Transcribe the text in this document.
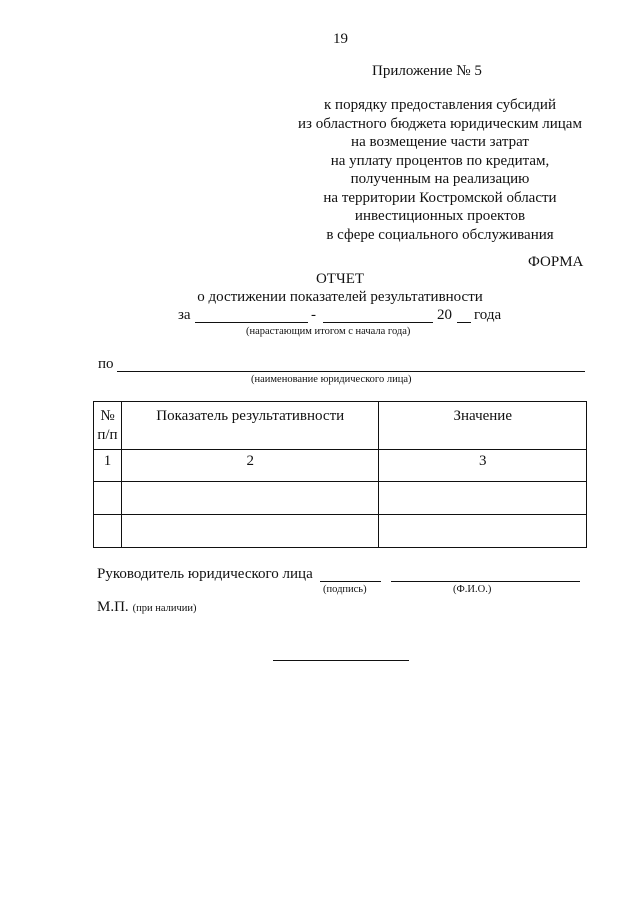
19
Приложение № 5
к порядку предоставления субсидий
из областного бюджета юридическим лицам
на возмещение части затрат
на уплату процентов по кредитам,
полученным на реализацию
на территории Костромской области
инвестиционных проектов
в сфере социального обслуживания
ФОРМА
ОТЧЕТ
о достижении показателей результативности
за	-	20 года
(нарастающим итогом с начала года)
по
(наименование юридического лица)
№
п/п	Показатель результативности	Значение

1	2	3

Руководитель юридического лица
(подпись)	(Ф.И.О.)
М.П. (при наличии)
